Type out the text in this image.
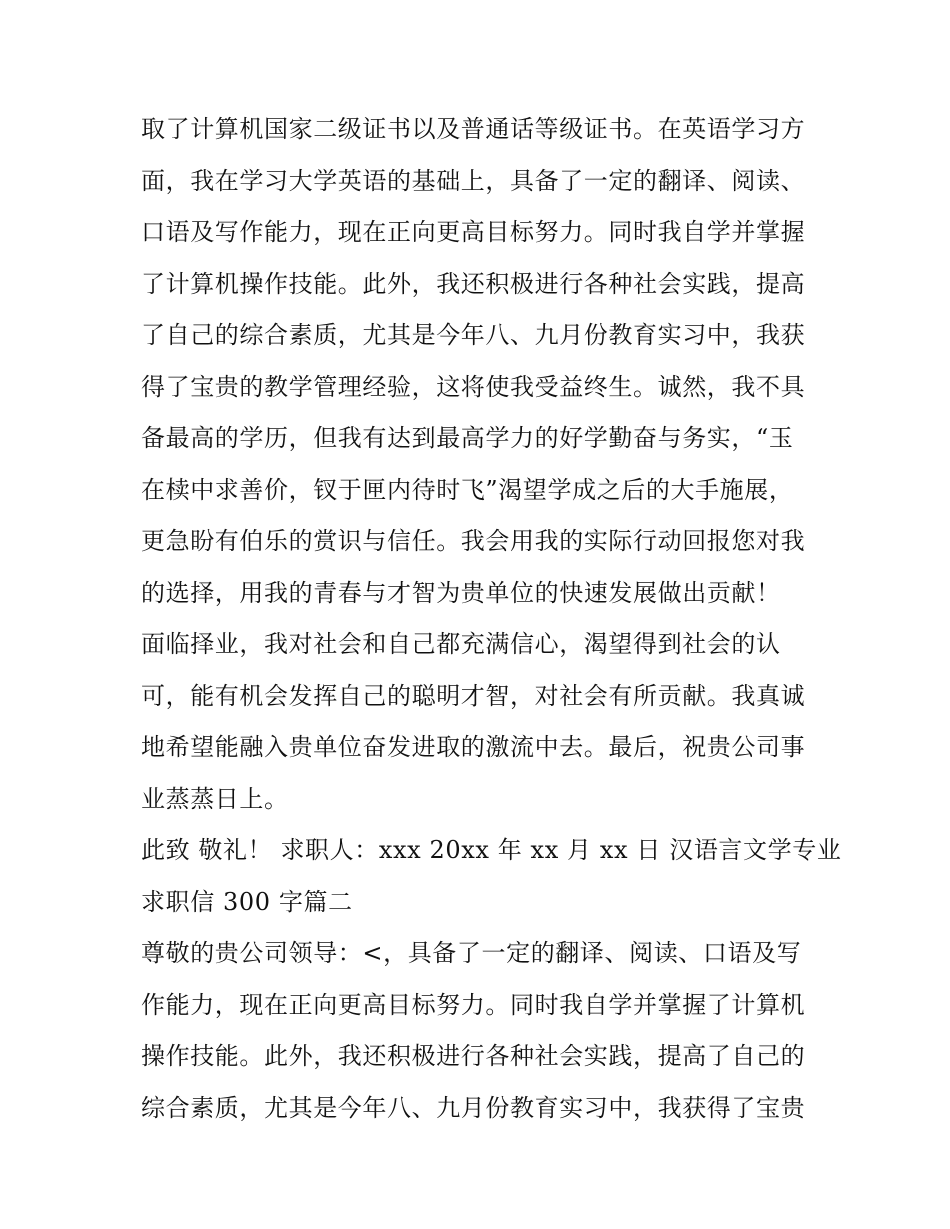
取了计算机国家二级证书以及普通话等级证书。在英语学习方
面，我在学习大学英语的基础上，具备了一定的翻译、阅读、
口语及写作能力，现在正向更高目标努力。同时我自学并掌握
了计算机操作技能。此外，我还积极进行各种社会实践，提高
了自己的综合素质，尤其是今年八、九月份教育实习中，我获
得了宝贵的教学管理经验，这将使我受益终生。诚然，我不具
备最高的学历，但我有达到最高学力的好学勤奋与务实，“玉
在椟中求善价，钗于匣内待时飞”渴望学成之后的大手施展，
更急盼有伯乐的赏识与信任。我会用我的实际行动回报您对我
的选择，用我的青春与才智为贵单位的快速发展做出贡献！
面临择业，我对社会和自己都充满信心，渴望得到社会的认
可，能有机会发挥自己的聪明才智，对社会有所贡献。我真诚
地希望能融入贵单位奋发进取的激流中去。最后，祝贵公司事
业蒸蒸日上。
此致 敬礼！ 求职人：xxx 20xx 年 xx 月 xx 日 汉语言文学专业
求职信 300 字篇二
尊敬的贵公司领导：<，具备了一定的翻译、阅读、口语及写
作能力，现在正向更高目标努力。同时我自学并掌握了计算机
操作技能。此外，我还积极进行各种社会实践，提高了自己的
综合素质，尤其是今年八、九月份教育实习中，我获得了宝贵
